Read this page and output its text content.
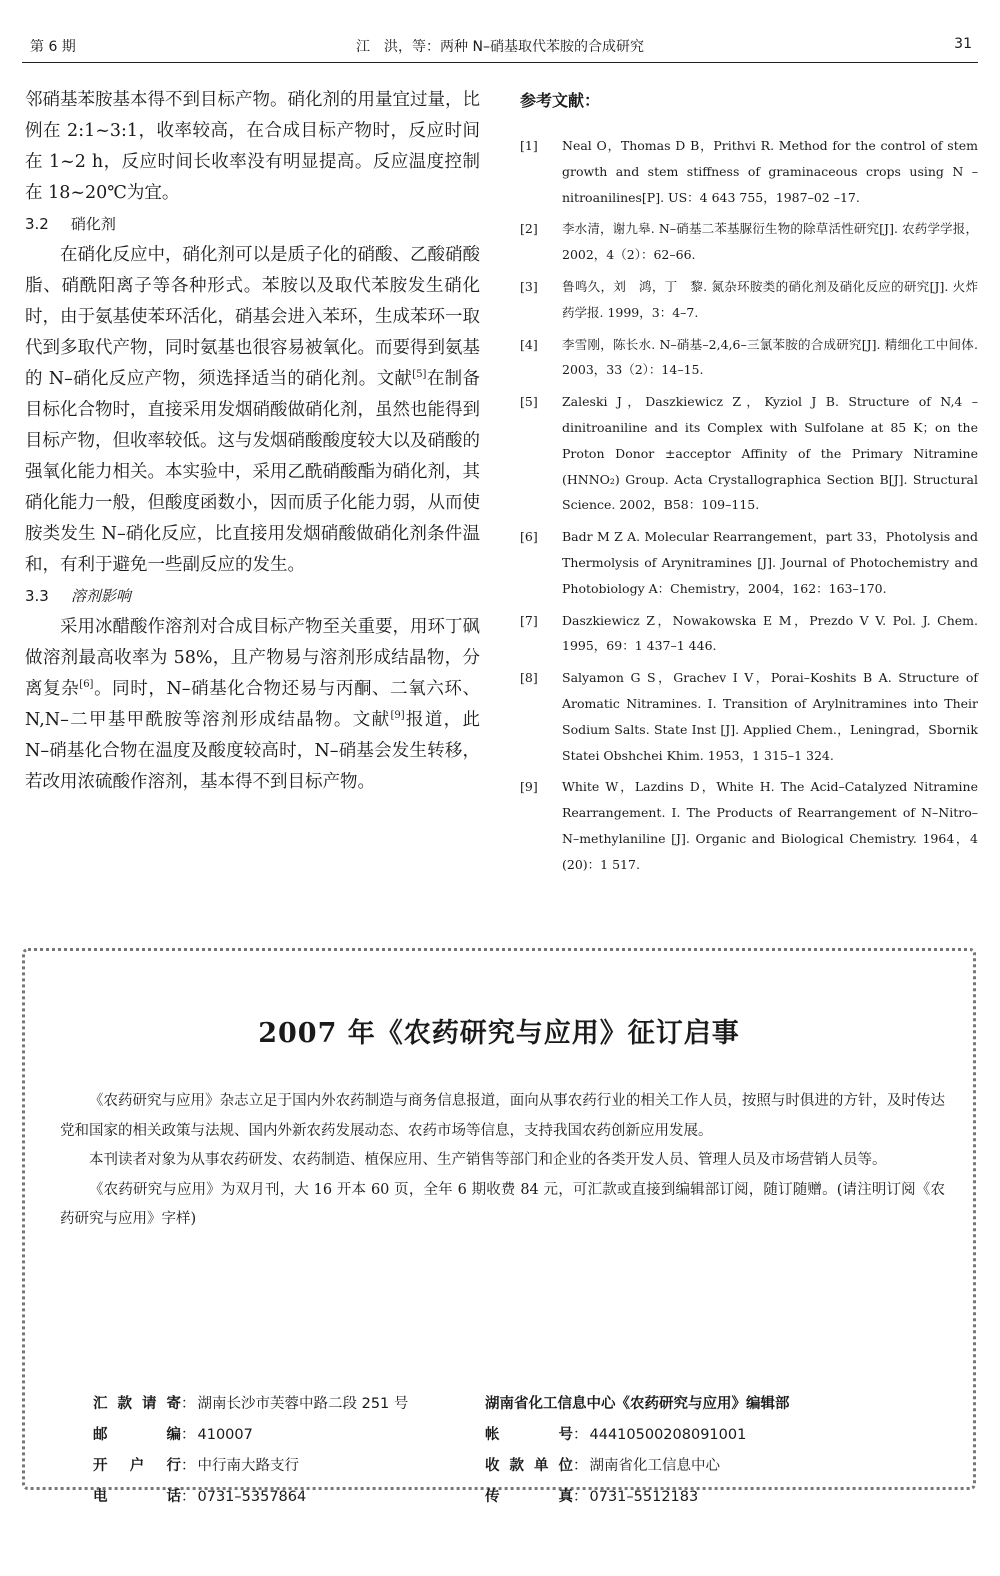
第 6 期	江　洪，等：两种 N–硝基取代苯胺的合成研究	31

邻硝基苯胺基本得不到目标产物。硝化剂的用量宜过量，比例在 2:1~3:1，收率较高，在合成目标产物时，反应时间在 1~2 h，反应时间长收率没有明显提高。反应温度控制在 18~20℃为宜。

3.2 硝化剂

在硝化反应中，硝化剂可以是质子化的硝酸、乙酸硝酸脂、硝酰阳离子等各种形式。苯胺以及取代苯胺发生硝化时，由于氨基使苯环活化，硝基会进入苯环，生成苯环一取代到多取代产物，同时氨基也很容易被氧化。而要得到氨基的 N–硝化反应产物，须选择适当的硝化剂。文献[5]在制备目标化合物时，直接采用发烟硝酸做硝化剂，虽然也能得到目标产物，但收率较低。这与发烟硝酸酸度较大以及硝酸的强氧化能力相关。本实验中，采用乙酰硝酸酯为硝化剂，其硝化能力一般，但酸度函数小，因而质子化能力弱，从而使胺类发生 N–硝化反应，比直接用发烟硝酸做硝化剂条件温和，有利于避免一些副反应的发生。

3.3 溶剂影响

采用冰醋酸作溶剂对合成目标产物至关重要，用环丁砜做溶剂最高收率为 58%，且产物易与溶剂形成结晶物，分离复杂[6]。同时，N–硝基化合物还易与丙酮、二氧六环、N,N–二甲基甲酰胺等溶剂形成结晶物。文献[9]报道，此 N–硝基化合物在温度及酸度较高时，N–硝基会发生转移，若改用浓硫酸作溶剂，基本得不到目标产物。

参考文献：
[1] Neal O，Thomas D B，Prithvi R. Method for the control of stem growth and stem stiffness of graminaceous crops using N – nitroanilines[P]. US：4 643 755，1987–02 –17.
[2] 李水清，谢九皋. N–硝基二苯基脲衍生物的除草活性研究[J]. 农药学学报，2002，4（2）：62–66.
[3] 鲁鸣久，刘　鸿，丁　黎. 氮杂环胺类的硝化剂及硝化反应的研究[J]. 火炸药学报. 1999，3：4–7.
[4] 李雪刚，陈长水. N–硝基–2,4,6–三氯苯胺的合成研究[J]. 精细化工中间体. 2003，33（2）：14–15.
[5] Zaleski J，Daszkiewicz Z，Kyziol J B. Structure of N,4 – dinitroaniline and its Complex with Sulfolane at 85 K；on the Proton Donor ±acceptor Affinity of the Primary Nitramine (HNNO₂) Group. Acta Crystallographica Section B[J]. Structural Science. 2002，B58：109–115.
[6] Badr M Z A. Molecular Rearrangement，part 33，Photolysis and Thermolysis of Arynitramines [J]. Journal of Photochemistry and Photobiology A：Chemistry，2004，162：163–170.
[7] Daszkiewicz Z，Nowakowska E M，Prezdo V V. Pol. J. Chem. 1995，69：1 437–1 446.
[8] Salyamon G S，Grachev I V，Porai–Koshits B A. Structure of Aromatic Nitramines. I. Transition of Arylnitramines into Their Sodium Salts. State Inst [J]. Applied Chem.，Leningrad，Sbornik Statei Obshchei Khim. 1953，1 315–1 324.
[9] White W，Lazdins D，White H. The Acid–Catalyzed Nitramine Rearrangement. I. The Products of Rearrangement of N–Nitro–N–methylaniline [J]. Organic and Biological Chemistry. 1964，4 (20)：1 517.
2007 年《农药研究与应用》征订启事

《农药研究与应用》杂志立足于国内外农药制造与商务信息报道，面向从事农药行业的相关工作人员，按照与时俱进的方针，及时传达党和国家的相关政策与法规、国内外新农药发展动态、农药市场等信息，支持我国农药创新应用发展。

本刊读者对象为从事农药研发、农药制造、植保应用、生产销售等部门和企业的各类开发人员、管理人员及市场营销人员等。

《农药研究与应用》为双月刊，大 16 开本 60 页，全年 6 期收费 84 元，可汇款或直接到编辑部订阅，随订随赠。(请注明订阅《农药研究与应用》字样)

汇款请寄： 湖南长沙市芙蓉中路二段 251 号
邮　　编： 410007
开 户 行： 中行南大路支行
电　　话： 0731–5357864
湖南省化工信息中心《农药研究与应用》编辑部
帐　　号： 44410500208091001
收款单位： 湖南省化工信息中心
传　　真： 0731–5512183
